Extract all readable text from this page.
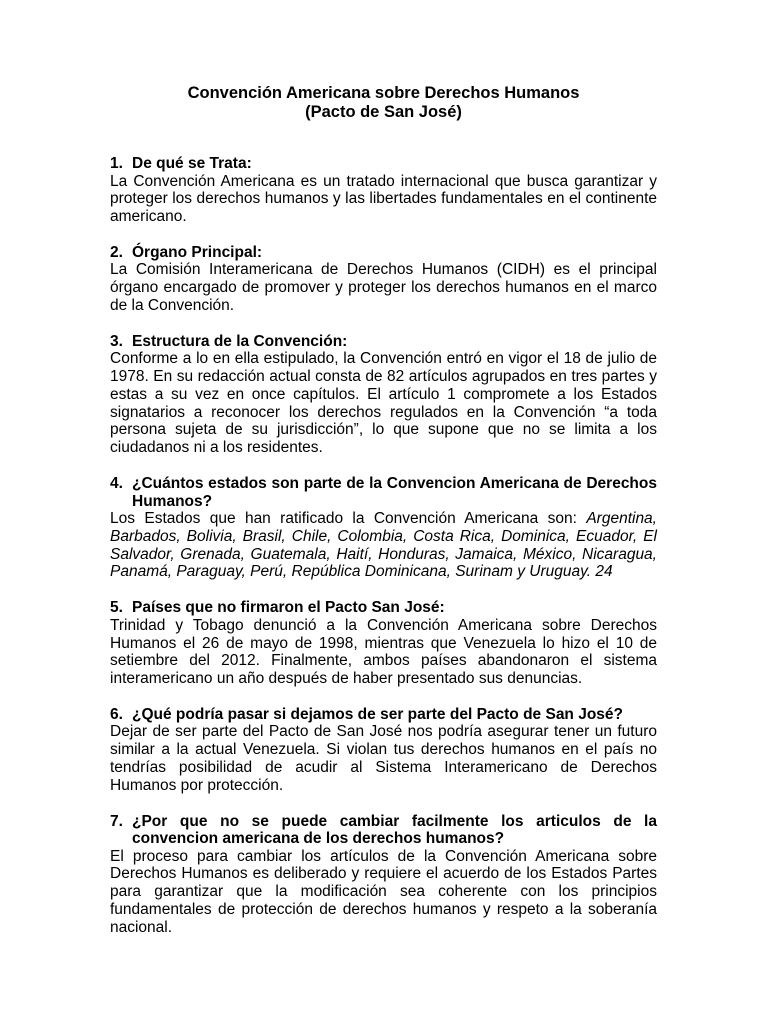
Convención Americana sobre Derechos Humanos
(Pacto de San José)
1. De qué se Trata:

La Convención Americana es un tratado internacional que busca garantizar y proteger los derechos humanos y las libertades fundamentales en el continente americano.

2. Órgano Principal:

La Comisión Interamericana de Derechos Humanos (CIDH) es el principal órgano encargado de promover y proteger los derechos humanos en el marco de la Convención.

3. Estructura de la Convención:

Conforme a lo en ella estipulado, la Convención entró en vigor el 18 de julio de 1978. En su redacción actual consta de 82 artículos agrupados en tres partes y estas a su vez en once capítulos. El artículo 1 compromete a los Estados signatarios a reconocer los derechos regulados en la Convención “a toda persona sujeta de su jurisdicción”, lo que supone que no se limita a los ciudadanos ni a los residentes.

4. ¿Cuántos estados son parte de la Convencion Americana de Derechos Humanos?

Los Estados que han ratificado la Convención Americana son: Argentina, Barbados, Bolivia, Brasil, Chile, Colombia, Costa Rica, Dominica, Ecuador, El Salvador, Grenada, Guatemala, Haití, Honduras, Jamaica, México, Nicaragua, Panamá, Paraguay, Perú, República Dominicana, Surinam y Uruguay. 24

5. Países que no firmaron el Pacto San José:

Trinidad y Tobago denunció a la Convención Americana sobre Derechos Humanos el 26 de mayo de 1998, mientras que Venezuela lo hizo el 10 de setiembre del 2012. Finalmente, ambos países abandonaron el sistema interamericano un año después de haber presentado sus denuncias.

6. ¿Qué podría pasar si dejamos de ser parte del Pacto de San José?

Dejar de ser parte del Pacto de San José nos podría asegurar tener un futuro similar a la actual Venezuela. Si violan tus derechos humanos en el país no tendrías posibilidad de acudir al Sistema Interamericano de Derechos Humanos por protección.

7. ¿Por que no se puede cambiar facilmente los articulos de la convencion americana de los derechos humanos?

El proceso para cambiar los artículos de la Convención Americana sobre Derechos Humanos es deliberado y requiere el acuerdo de los Estados Partes para garantizar que la modificación sea coherente con los principios fundamentales de protección de derechos humanos y respeto a la soberanía nacional.
